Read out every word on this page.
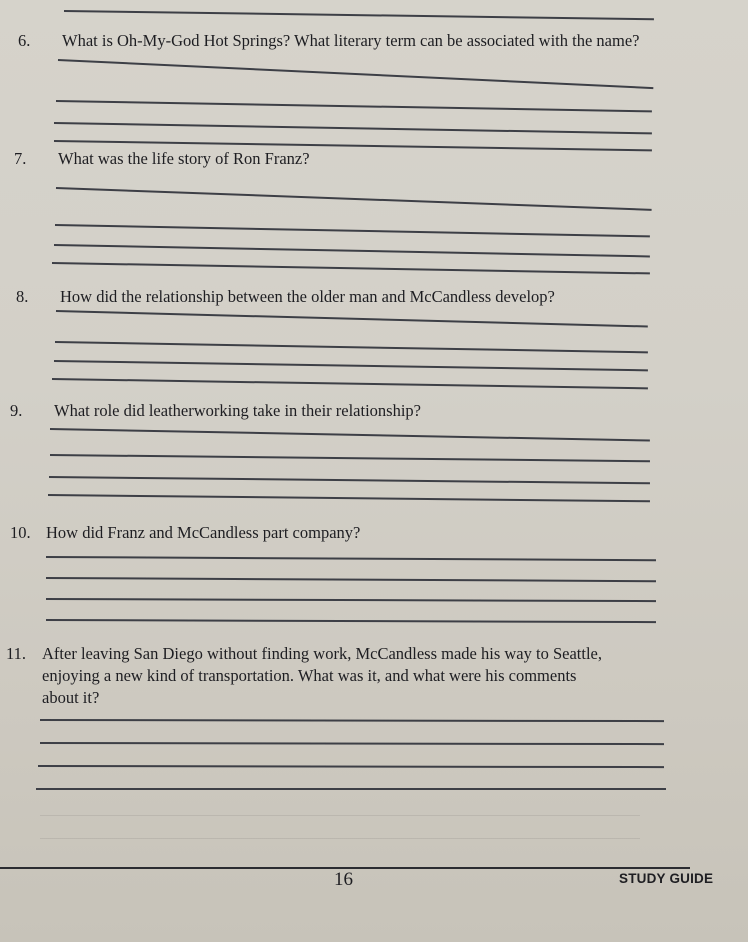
6. What is Oh-My-God Hot Springs? What literary term can be associated with the name?
7. What was the life story of Ron Franz?
8. How did the relationship between the older man and McCandless develop?
9. What role did leatherworking take in their relationship?
10. How did Franz and McCandless part company?
11. After leaving San Diego without finding work, McCandless made his way to Seattle,
enjoying a new kind of transportation. What was it, and what were his comments
about it?
16	STUDY GUIDE
